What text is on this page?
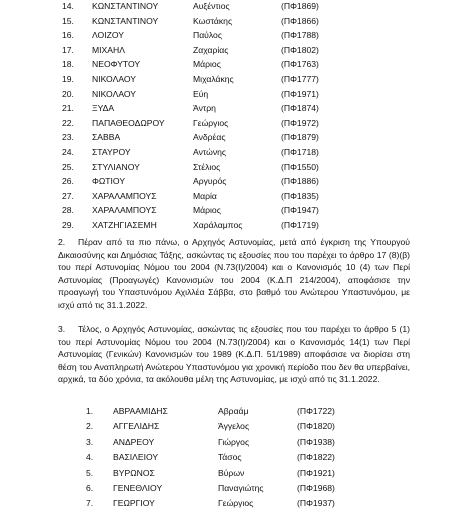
14. ΚΩΝΣΤΑΝΤΙΝΟΥ	Αυξέντιος	(ΠΦ1869)
15. ΚΩΝΣΤΑΝΤΙΝΟΥ	Κωστάκης	(ΠΦ1866)
16. ΛΟΙΖΟΥ	Παύλος	(ΠΦ1788)
17. ΜΙΧΑΗΛ	Ζαχαρίας	(ΠΦ1802)
18. ΝΕΟΦΥΤΟΥ	Μάριος	(ΠΦ1763)
19. ΝΙΚΟΛΑΟΥ	Μιχαλάκης	(ΠΦ1777)
20. ΝΙΚΟΛΑΟΥ	Εύη	(ΠΦ1971)
21. ΞΥΔΑ	Άντρη	(ΠΦ1874)
22. ΠΑΠΑΘΕΟΔΩΡΟΥ	Γεώργιος	(ΠΦ1972)
23. ΣΑΒΒΑ	Ανδρέας	(ΠΦ1879)
24. ΣΤΑΥΡΟΥ	Αντώνης	(ΠΦ1718)
25. ΣΤΥΛΙΑΝΟΥ	Στέλιος	(ΠΦ1550)
26. ΦΩΤΙΟΥ	Αργυρός	(ΠΦ1886)
27. ΧΑΡΑΛΑΜΠΟΥΣ	Μαρία	(ΠΦ1835)
28. ΧΑΡΑΛΑΜΠΟΥΣ	Μάριος	(ΠΦ1947)
29. ΧΑΤΖΗΓΙΑΣΕΜΗ	Χαράλαμπος	(ΠΦ1719)
2. Πέραν από τα πιο πάνω, ο Αρχηγός Αστυνομίας, μετά από έγκριση της Υπουργού Δικαιοσύνης και Δημόσιας Τάξης, ασκώντας τις εξουσίες που του παρέχει το άρθρο 17 (8)(β) του περί Αστυνομίας Νόμου του 2004 (Ν.73(Ι)/2004) και ο Κανονισμός 10 (4) των Περί Αστυνομίας (Προαγωγές) Κανονισμών του 2004 (Κ.Δ.Π 214/2004), αποφάσισε την προαγωγή του Υπαστυνόμου Αχιλλέα Σάββα, στο βαθμό του Ανώτερου Υπαστυνόμου, με ισχύ από τις 31.1.2022.
3. Τέλος, ο Αρχηγός Αστυνομίας, ασκώντας τις εξουσίες που του παρέχει το άρθρο 5 (1) του περί Αστυνομίας Νόμου του 2004 (Ν.73(Ι)/2004) και ο Κανονισμός 14(1) των Περί Αστυνομίας (Γενικών) Κανονισμών του 1989 (Κ.Δ.Π. 51/1989) αποφάσισε να διορίσει στη θέση του Αναπληρωτή Ανώτερου Υπαστυνόμου για χρονική περίοδο που δεν θα υπερβαίνει, αρχικά, τα δύο χρόνια, τα ακόλουθα μέλη της Αστυνομίας, με ισχύ από τις 31.1.2022.
1. ΑΒΡΑΑΜΙΔΗΣ	Αβραάμ	(ΠΦ1722)
2. ΑΓΓΕΛΙΔΗΣ	Άγγελος	(ΠΦ1820)
3. ΑΝΔΡΕΟΥ	Γιώργος	(ΠΦ1938)
4. ΒΑΣΙΛΕΙΟΥ	Τάσος	(ΠΦ1822)
5. ΒΥΡΩΝΟΣ	Βύρων	(ΠΦ1921)
6. ΓΕΝΕΘΛΙΟΥ	Παναγιώτης	(ΠΦ1968)
7. ΓΕΩΡΓΙΟΥ	Γεώργιος	(ΠΦ1937)
